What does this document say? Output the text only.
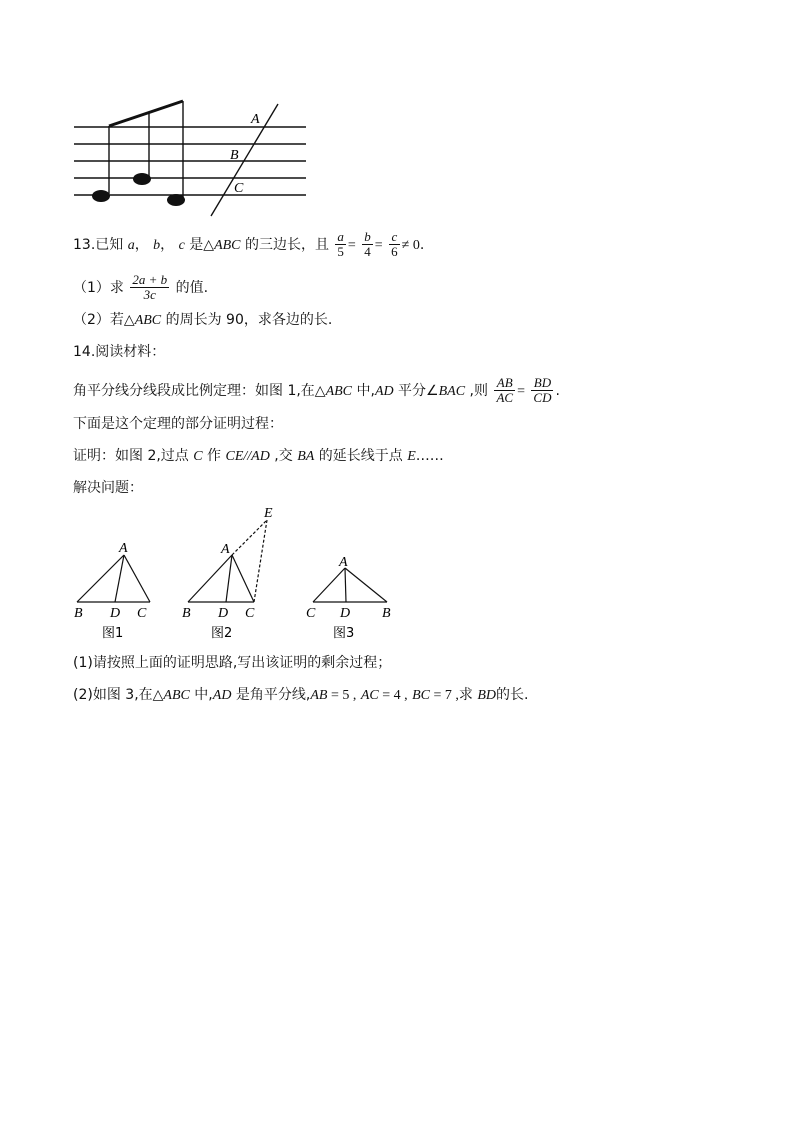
A
B
C
13.已知 a， b， c 是△ABC 的三边长，且 $\frac{a}{5} = \frac{b}{4} = \frac{c}{6} \ne 0$.
（1）求 $\frac{2a + b}{3c}$ 的值.
（2）若△ABC 的周长为 90，求各边的长.
14.阅读材料：
角平分线分线段成比例定理：如图 1,在△ABC 中,AD 平分∠BAC ,则 $\frac{AB}{AC} = \frac{BD}{CD}$ .
下面是这个定理的部分证明过程：
证明：如图 2,过点 C 作 CE//AD ,交 BA 的延长线于点 E……
解决问题：
A
B D C
图1
A
E
B D C
图2
A
C D B
图3
(1)请按照上面的证明思路,写出该证明的剩余过程；
(2)如图 3,在△ABC 中,AD 是角平分线,AB = 5 , AC = 4 , BC = 7 ,求 BD的长.
